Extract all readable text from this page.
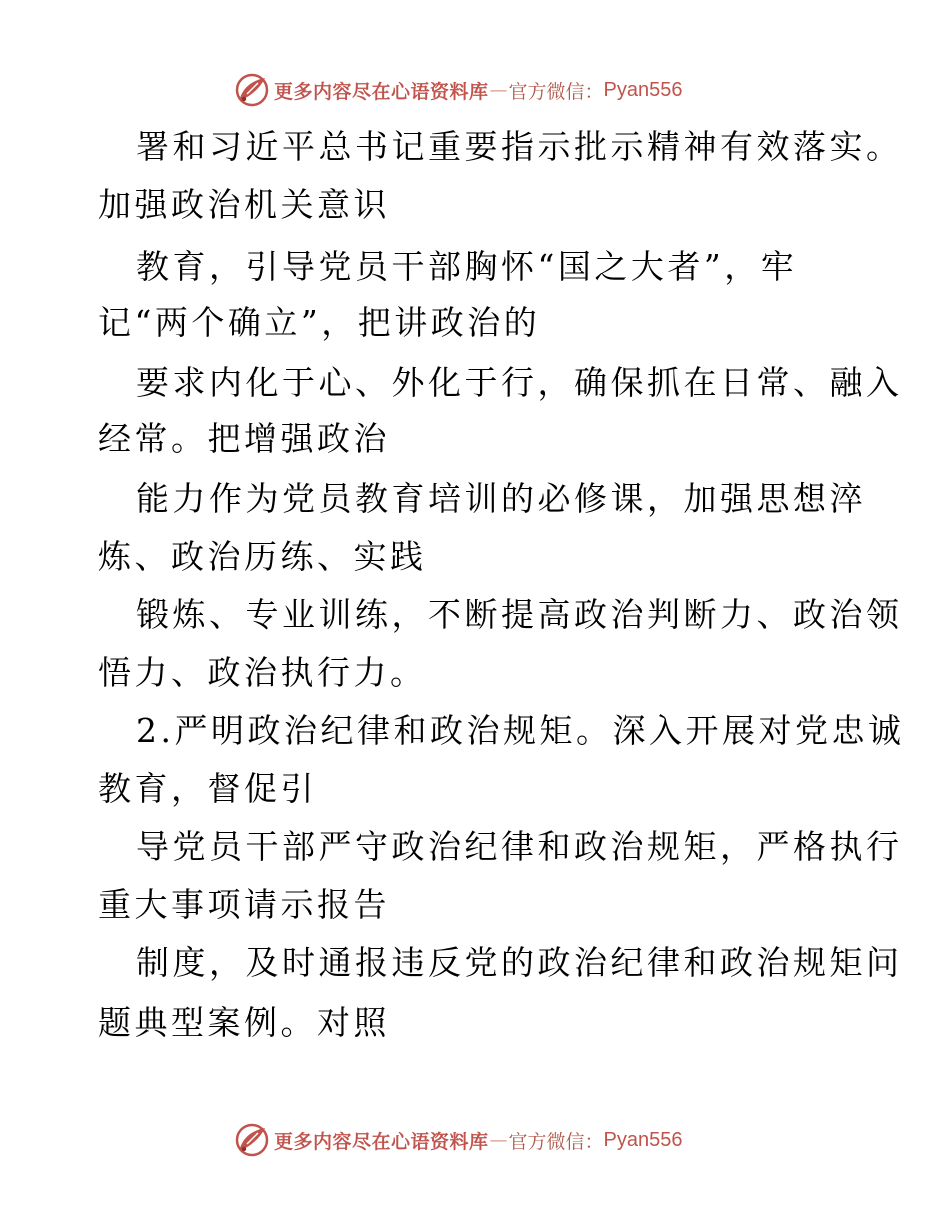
更多内容尽在心语资料库 — 官方微信： Pyan556
署和习近平总书记重要指示批示精神有效落实。
加强政治机关意识
教育，引导党员干部胸怀“国之大者”，牢
记“两个确立”，把讲政治的
要求内化于心、外化于行，确保抓在日常、融入
经常。把增强政治
能力作为党员教育培训的必修课，加强思想淬
炼、政治历练、实践
锻炼、专业训练，不断提高政治判断力、政治领
悟力、政治执行力。
2.严明政治纪律和政治规矩。深入开展对党忠诚
教育，督促引
导党员干部严守政治纪律和政治规矩，严格执行
重大事项请示报告
制度，及时通报违反党的政治纪律和政治规矩问
题典型案例。对照
更多内容尽在心语资料库 — 官方微信： Pyan556
